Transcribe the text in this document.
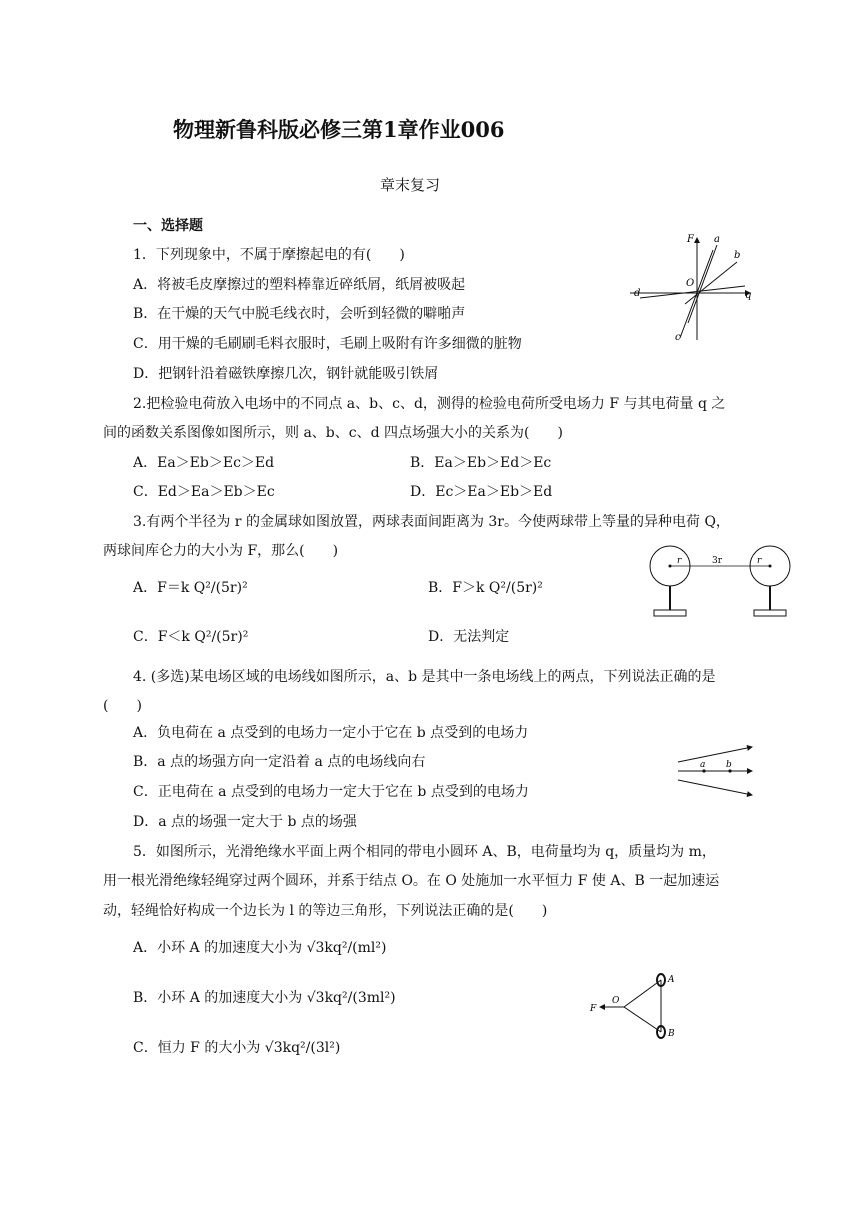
物理新鲁科版必修三第1章作业006
章末复习
一、选择题
1．下列现象中，不属于摩擦起电的有(　　)
A．将被毛皮摩擦过的塑料棒靠近碎纸屑，纸屑被吸起
B．在干燥的天气中脱毛线衣时，会听到轻微的噼啪声
C．用干燥的毛刷刷毛料衣服时，毛刷上吸附有许多细微的脏物
D．把钢针沿着磁铁摩擦几次，钢针就能吸引铁屑
F a
b
O
q
d
c
2.把检验电荷放入电场中的不同点 a、b、c、d，测得的检验电荷所受电场力 F 与其电荷量 q 之
间的函数关系图像如图所示，则 a、b、c、d 四点场强大小的关系为(　　)
A．Ea＞Eb＞Ec＞Ed	B．Ea＞Eb＞Ed＞Ec
C．Ed＞Ea＞Eb＞Ec	D．Ec＞Ea＞Eb＞Ed
3.有两个半径为 r 的金属球如图放置，两球表面间距离为 3r。今使两球带上等量的异种电荷 Q，
两球间库仑力的大小为 F，那么(　　)
A．F＝k Q²/(5r)²	B．F＞k Q²/(5r)²
C．F＜k Q²/(5r)²	D．无法判定
r	3r	r
4. (多选)某电场区域的电场线如图所示，a、b 是其中一条电场线上的两点，下列说法正确的是
(　　)
A．负电荷在 a 点受到的电场力一定小于它在 b 点受到的电场力
B．a 点的场强方向一定沿着 a 点的电场线向右
C．正电荷在 a 点受到的电场力一定大于它在 b 点受到的电场力
D．a 点的场强一定大于 b 点的场强
a b
5．如图所示，光滑绝缘水平面上两个相同的带电小圆环 A、B，电荷量均为 q，质量均为 m，
用一根光滑绝缘轻绳穿过两个圆环，并系于结点 O。在 O 处施加一水平恒力 F 使 A、B 一起加速运
动，轻绳恰好构成一个边长为 l 的等边三角形，下列说法正确的是(　　)
A．小环 A 的加速度大小为 √3kq²/(ml²)
B．小环 A 的加速度大小为 √3kq²/(3ml²)
C．恒力 F 的大小为 √3kq²/(3l²)
F
O
A
B
